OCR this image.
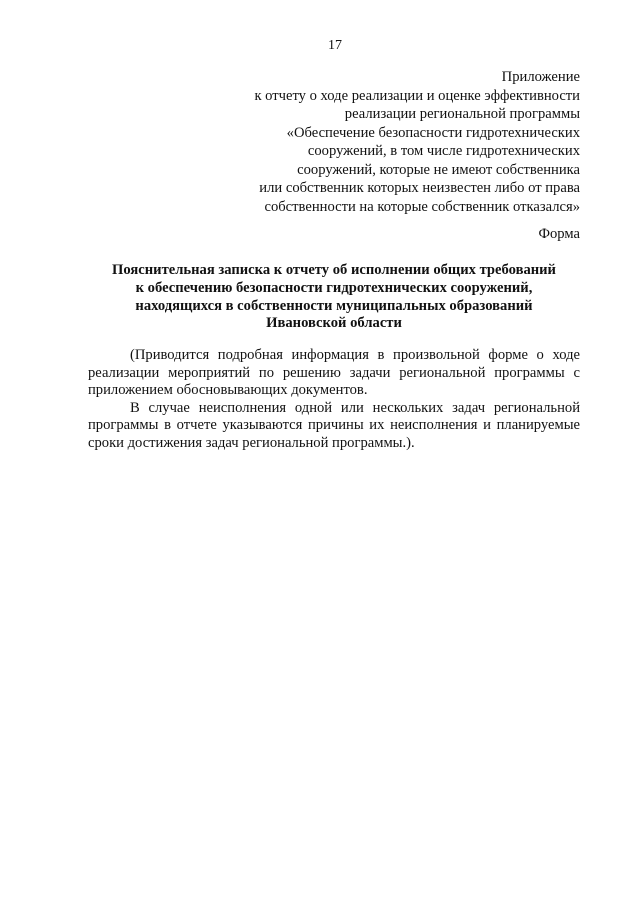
17
Приложение
к отчету о ходе реализации и оценке эффективности
реализации региональной программы
«Обеспечение безопасности гидротехнических
сооружений, в том числе гидротехнических
сооружений, которые не имеют собственника
или собственник которых неизвестен либо от права
собственности на которые собственник отказался»
Форма
Пояснительная записка к отчету об исполнении общих требований
к обеспечению безопасности гидротехнических сооружений,
находящихся в собственности муниципальных образований
Ивановской области

(Приводится подробная информация в произвольной форме о ходе реализации мероприятий по решению задачи региональной программы с приложением обосновывающих документов.

В случае неисполнения одной или нескольких задач региональной программы в отчете указываются причины их неисполнения и планируемые сроки достижения задач региональной программы.).
